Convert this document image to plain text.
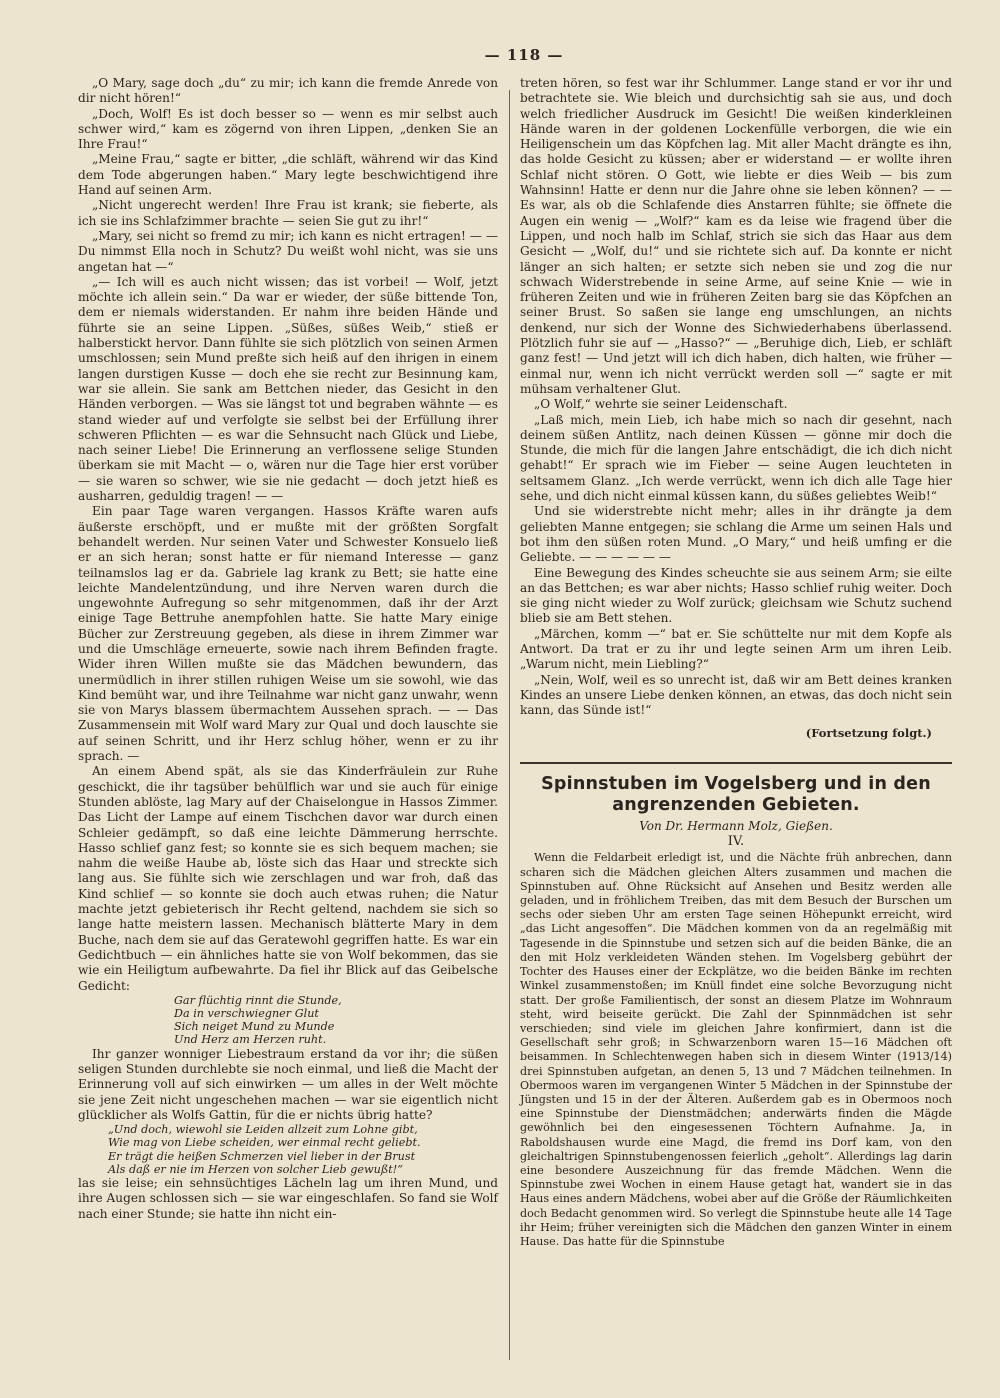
— 118 —

„O Mary, sage doch „du“ zu mir; ich kann die fremde Anrede von dir nicht hören!“

„Doch, Wolf! Es ist doch besser so — wenn es mir selbst auch schwer wird,“ kam es zögernd von ihren Lippen, „denken Sie an Ihre Frau!“

„Meine Frau,“ sagte er bitter, „die schläft, während wir das Kind dem Tode abgerungen haben.“ Mary legte beschwichtigend ihre Hand auf seinen Arm.

„Nicht ungerecht werden! Ihre Frau ist krank; sie fieberte, als ich sie ins Schlafzimmer brachte — seien Sie gut zu ihr!“

„Mary, sei nicht so fremd zu mir; ich kann es nicht ertragen! — — Du nimmst Ella noch in Schutz? Du weißt wohl nicht, was sie uns angetan hat —“

„— Ich will es auch nicht wissen; das ist vorbei! — Wolf, jetzt möchte ich allein sein.“ Da war er wieder, der süße bittende Ton, dem er niemals widerstanden. Er nahm ihre beiden Hände und führte sie an seine Lippen. „Süßes, süßes Weib,“ stieß er halberstickt hervor. Dann fühlte sie sich plötzlich von seinen Armen umschlossen; sein Mund preßte sich heiß auf den ihrigen in einem langen durstigen Kusse — doch ehe sie recht zur Besinnung kam, war sie allein. Sie sank am Bettchen nieder, das Gesicht in den Händen verborgen. — Was sie längst tot und begraben wähnte — es stand wieder auf und verfolgte sie selbst bei der Erfüllung ihrer schweren Pflichten — es war die Sehnsucht nach Glück und Liebe, nach seiner Liebe! Die Erinnerung an verflossene selige Stunden überkam sie mit Macht — o, wären nur die Tage hier erst vorüber — sie waren so schwer, wie sie nie gedacht — doch jetzt hieß es ausharren, geduldig tragen! — —

Ein paar Tage waren vergangen. Hassos Kräfte waren aufs äußerste erschöpft, und er mußte mit der größten Sorgfalt behandelt werden. Nur seinen Vater und Schwester Konsuelo ließ er an sich heran; sonst hatte er für niemand Interesse — ganz teilnamslos lag er da. Gabriele lag krank zu Bett; sie hatte eine leichte Mandelentzündung, und ihre Nerven waren durch die ungewohnte Aufregung so sehr mitgenommen, daß ihr der Arzt einige Tage Bettruhe anempfohlen hatte. Sie hatte Mary einige Bücher zur Zerstreuung gegeben, als diese in ihrem Zimmer war und die Umschläge erneuerte, sowie nach ihrem Befinden fragte. Wider ihren Willen mußte sie das Mädchen bewundern, das unermüdlich in ihrer stillen ruhigen Weise um sie sowohl, wie das Kind bemüht war, und ihre Teilnahme war nicht ganz unwahr, wenn sie von Marys blassem übermachtem Aussehen sprach. — — Das Zusammensein mit Wolf ward Mary zur Qual und doch lauschte sie auf seinen Schritt, und ihr Herz schlug höher, wenn er zu ihr sprach. —

An einem Abend spät, als sie das Kinderfräulein zur Ruhe geschickt, die ihr tagsüber behülflich war und sie auch für einige Stunden ablöste, lag Mary auf der Chaiselongue in Hassos Zimmer. Das Licht der Lampe auf einem Tischchen davor war durch einen Schleier gedämpft, so daß eine leichte Dämmerung herrschte. Hasso schlief ganz fest; so konnte sie es sich bequem machen; sie nahm die weiße Haube ab, löste sich das Haar und streckte sich lang aus. Sie fühlte sich wie zerschlagen und war froh, daß das Kind schlief — so konnte sie doch auch etwas ruhen; die Natur machte jetzt gebieterisch ihr Recht geltend, nachdem sie sich so lange hatte meistern lassen. Mechanisch blätterte Mary in dem Buche, nach dem sie auf das Geratewohl gegriffen hatte. Es war ein Gedichtbuch — ein ähnliches hatte sie von Wolf bekommen, das sie wie ein Heiligtum aufbewahrte. Da fiel ihr Blick auf das Geibelsche Gedicht:

Gar flüchtig rinnt die Stunde,
Da in verschwiegner Glut
Sich neiget Mund zu Munde
Und Herz am Herzen ruht.

Ihr ganzer wonniger Liebestraum erstand da vor ihr; die süßen seligen Stunden durchlebte sie noch einmal, und ließ die Macht der Erinnerung voll auf sich einwirken — um alles in der Welt möchte sie jene Zeit nicht ungeschehen machen — war sie eigentlich nicht glücklicher als Wolfs Gattin, für die er nichts übrig hatte?

„Und doch, wiewohl sie Leiden allzeit zum Lohne gibt,
Wie mag von Liebe scheiden, wer einmal recht geliebt.
Er trägt die heißen Schmerzen viel lieber in der Brust
Als daß er nie im Herzen von solcher Lieb gewußt!“

las sie leise; ein sehnsüchtiges Lächeln lag um ihren Mund, und ihre Augen schlossen sich — sie war eingeschlafen. So fand sie Wolf nach einer Stunde; sie hatte ihn nicht ein-

treten hören, so fest war ihr Schlummer. Lange stand er vor ihr und betrachtete sie. Wie bleich und durchsichtig sah sie aus, und doch welch friedlicher Ausdruck im Gesicht! Die weißen kinderkleinen Hände waren in der goldenen Lockenfülle verborgen, die wie ein Heiligenschein um das Köpfchen lag. Mit aller Macht drängte es ihn, das holde Gesicht zu küssen; aber er widerstand — er wollte ihren Schlaf nicht stören. O Gott, wie liebte er dies Weib — bis zum Wahnsinn! Hatte er denn nur die Jahre ohne sie leben können? — — Es war, als ob die Schlafende dies Anstarren fühlte; sie öffnete die Augen ein wenig — „Wolf?“ kam es da leise wie fragend über die Lippen, und noch halb im Schlaf, strich sie sich das Haar aus dem Gesicht — „Wolf, du!“ und sie richtete sich auf. Da konnte er nicht länger an sich halten; er setzte sich neben sie und zog die nur schwach Widerstrebende in seine Arme, auf seine Knie — wie in früheren Zeiten und wie in früheren Zeiten barg sie das Köpfchen an seiner Brust. So saßen sie lange eng umschlungen, an nichts denkend, nur sich der Wonne des Sichwiederhabens überlassend. Plötzlich fuhr sie auf — „Hasso?“ — „Beruhige dich, Lieb, er schläft ganz fest! — Und jetzt will ich dich haben, dich halten, wie früher — einmal nur, wenn ich nicht verrückt werden soll —“ sagte er mit mühsam verhaltener Glut.

„O Wolf,“ wehrte sie seiner Leidenschaft.

„Laß mich, mein Lieb, ich habe mich so nach dir gesehnt, nach deinem süßen Antlitz, nach deinen Küssen — gönne mir doch die Stunde, die mich für die langen Jahre entschädigt, die ich dich nicht gehabt!“ Er sprach wie im Fieber — seine Augen leuchteten in seltsamem Glanz. „Ich werde verrückt, wenn ich dich alle Tage hier sehe, und dich nicht einmal küssen kann, du süßes geliebtes Weib!“

Und sie widerstrebte nicht mehr; alles in ihr drängte ja dem geliebten Manne entgegen; sie schlang die Arme um seinen Hals und bot ihm den süßen roten Mund. „O Mary,“ und heiß umfing er die Geliebte. — — — — — —

Eine Bewegung des Kindes scheuchte sie aus seinem Arm; sie eilte an das Bettchen; es war aber nichts; Hasso schlief ruhig weiter. Doch sie ging nicht wieder zu Wolf zurück; gleichsam wie Schutz suchend blieb sie am Bett stehen.

„Märchen, komm —“ bat er. Sie schüttelte nur mit dem Kopfe als Antwort. Da trat er zu ihr und legte seinen Arm um ihren Leib. „Warum nicht, mein Liebling?“

„Nein, Wolf, weil es so unrecht ist, daß wir am Bett deines kranken Kindes an unsere Liebe denken können, an etwas, das doch nicht sein kann, das Sünde ist!“

(Fortsetzung folgt.)
Spinnstuben im Vogelsberg und in den angrenzenden Gebieten.
Von Dr. Hermann Molz, Gießen.
IV.

Wenn die Feldarbeit erledigt ist, und die Nächte früh anbrechen, dann scharen sich die Mädchen gleichen Alters zusammen und machen die Spinnstuben auf. Ohne Rücksicht auf Ansehen und Besitz werden alle geladen, und in fröhlichem Treiben, das mit dem Besuch der Burschen um sechs oder sieben Uhr am ersten Tage seinen Höhepunkt erreicht, wird „das Licht angesoffen“. Die Mädchen kommen von da an regelmäßig mit Tagesende in die Spinnstube und setzen sich auf die beiden Bänke, die an den mit Holz verkleideten Wänden stehen. Im Vogelsberg gebührt der Tochter des Hauses einer der Eckplätze, wo die beiden Bänke im rechten Winkel zusammenstoßen; im Knüll findet eine solche Bevorzugung nicht statt. Der große Familientisch, der sonst an diesem Platze im Wohnraum steht, wird beiseite gerückt. Die Zahl der Spinnmädchen ist sehr verschieden; sind viele im gleichen Jahre konfirmiert, dann ist die Gesellschaft sehr groß; in Schwarzenborn waren 15—16 Mädchen oft beisammen. In Schlechtenwegen haben sich in diesem Winter (1913/14) drei Spinnstuben aufgetan, an denen 5, 13 und 7 Mädchen teilnehmen. In Obermoos waren im vergangenen Winter 5 Mädchen in der Spinnstube der Jüngsten und 15 in der der Älteren. Außerdem gab es in Obermoos noch eine Spinnstube der Dienstmädchen; anderwärts finden die Mägde gewöhnlich bei den eingesessenen Töchtern Aufnahme. Ja, in Raboldshausen wurde eine Magd, die fremd ins Dorf kam, von den gleichaltrigen Spinnstubengenossen feierlich „geholt“. Allerdings lag darin eine besondere Auszeichnung für das fremde Mädchen. Wenn die Spinnstube zwei Wochen in einem Hause getagt hat, wandert sie in das Haus eines andern Mädchens, wobei aber auf die Größe der Räumlichkeiten doch Bedacht genommen wird. So verlegt die Spinnstube heute alle 14 Tage ihr Heim; früher vereinigten sich die Mädchen den ganzen Winter in einem Hause. Das hatte für die Spinnstube
